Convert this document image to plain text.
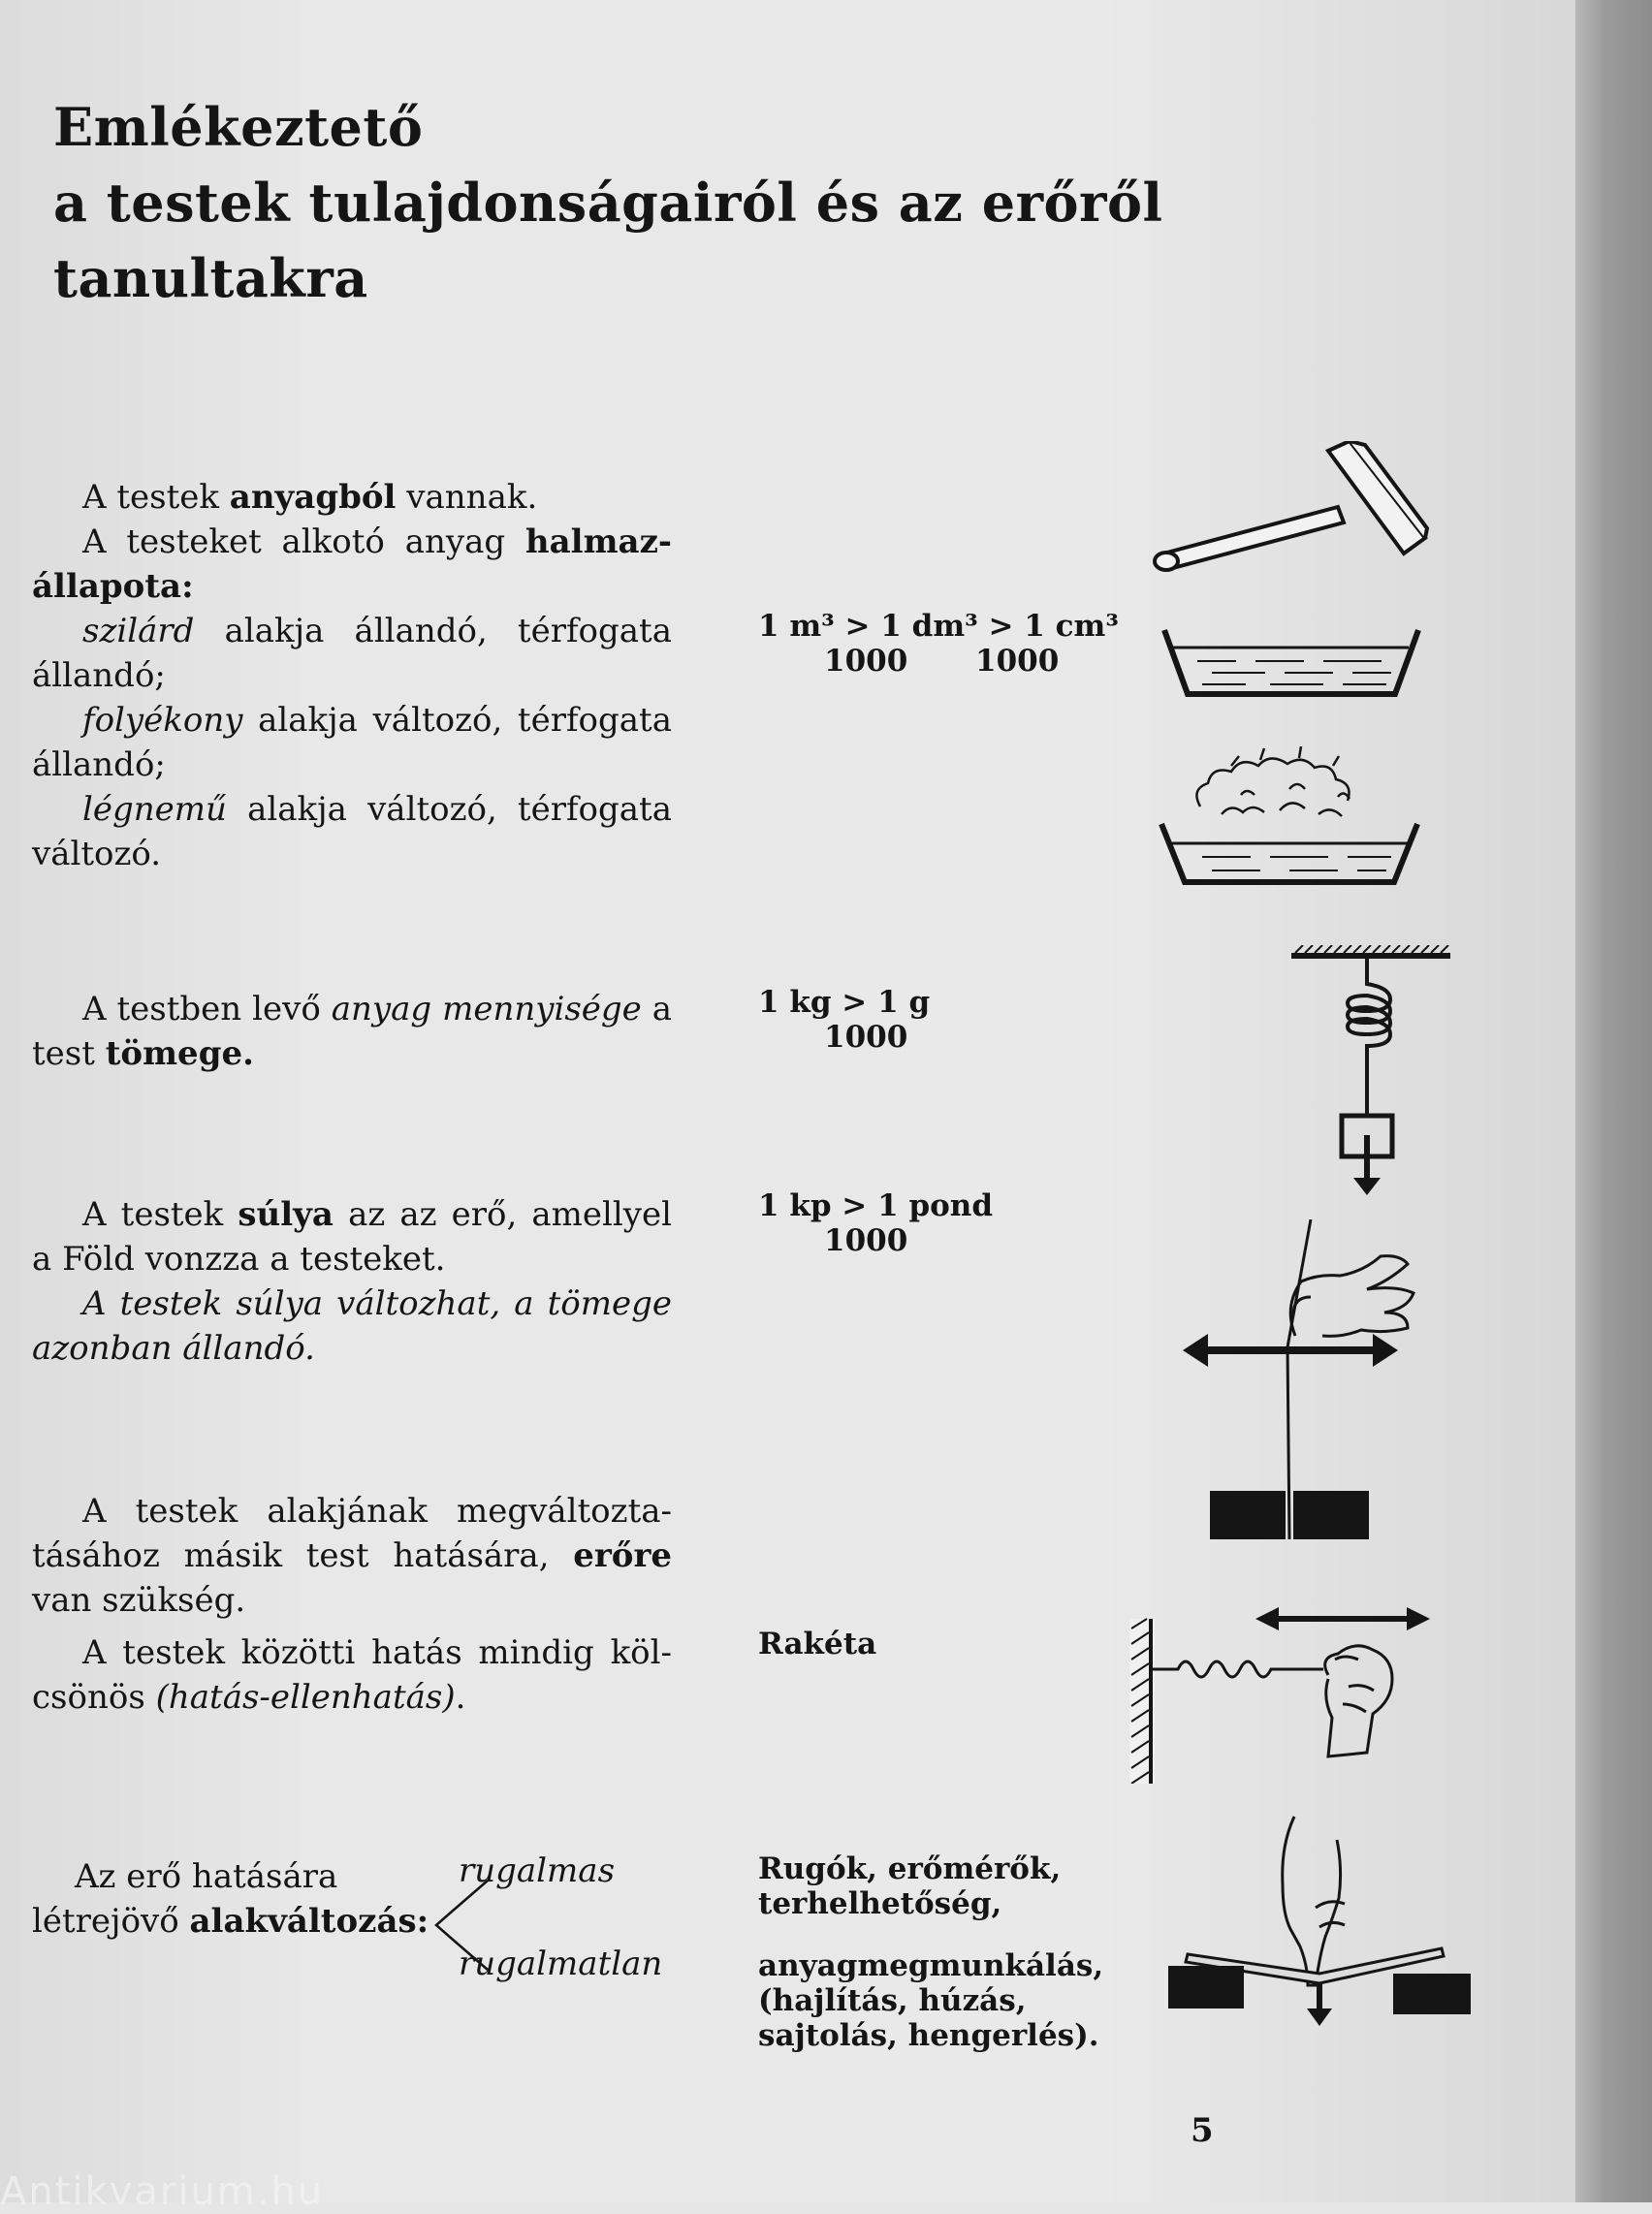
Emlékeztető
a testek tulajdonságairól és az erőről
tanultakra

A testek anyagból vannak.

A testeket alkotó anyag halmaz-állapota:

szilárd alakja állandó, térfogata állandó;

folyékony alakja változó, térfogata állandó;

légnemű alakja változó, térfogata változó.

1 m³ > 1 dm³ > 1 cm³
1000 1000

A testben levő anyag mennyisége a test tömege.

1 kg > 1 g
1000

A testek súlya az az erő, amellyel a Föld vonzza a testeket.

A testek súlya változhat, a tömege azonban állandó.

1 kp > 1 pond
1000

A testek alakjának megváltozta-tásához másik test hatására, erőre van szükség.

A testek közötti hatás mindig köl-csönös (hatás-ellenhatás).

Rakéta
Az erő hatására
létrejövő alakváltozás:
rugalmas
rugalmatlan
Rugók, erőmérők,
terhelhetőség,
anyagmegmunkálás,
(hajlítás, húzás,
sajtolás, hengerlés).
5
Antikvarium.hu
